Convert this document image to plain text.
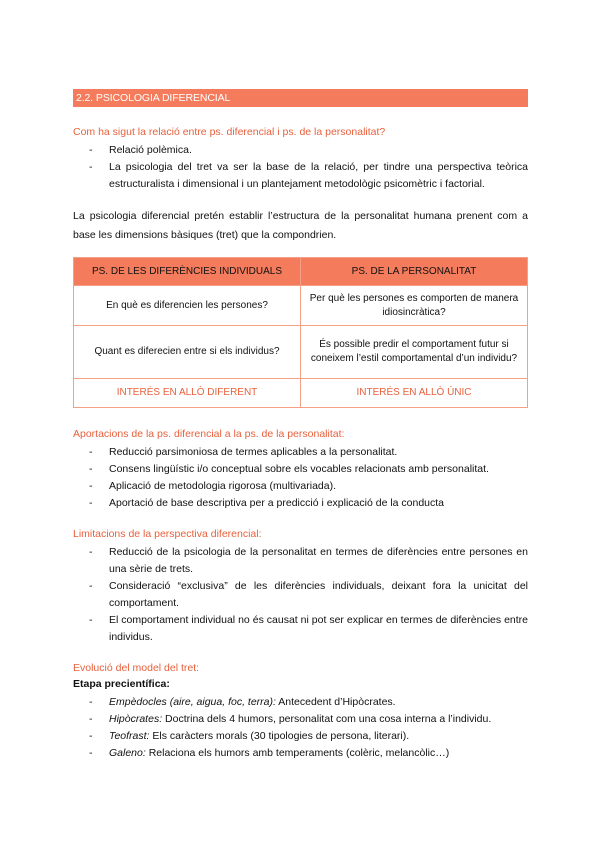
2.2. PSICOLOGIA DIFERENCIAL
Com ha sigut la relació entre ps. diferencial i ps. de la personalitat?
- Relació polèmica.
- La psicologia del tret va ser la base de la relació, per tindre una perspectiva teòrica estructuralista i dimensional i un plantejament metodològic psicomètric i factorial.

La psicologia diferencial pretén establir l’estructura de la personalitat humana prenent com a base les dimensions bàsiques (tret) que la compondrien.

PS. DE LES DIFERÈNCIES INDIVIDUALS	PS. DE LA PERSONALITAT
En què es diferencien les persones?	Per què les persones es comporten de manera idiosincràtica?
Quant es diferecien entre si els individus?	És possible predir el comportament futur si coneixem l’estil comportamental d’un individu?
INTERÉS EN ALLÒ DIFERENT	INTERÉS EN ALLÒ ÚNIC
Aportacions de la ps. diferencial a la ps. de la personalitat:
- Reducció parsimoniosa de termes aplicables a la personalitat.
- Consens lingüístic i/o conceptual sobre els vocables relacionats amb personalitat.
- Aplicació de metodologia rigorosa (multivariada).
- Aportació de base descriptiva per a predicció i explicació de la conducta
Limitacions de la perspectiva diferencial:
- Reducció de la psicologia de la personalitat en termes de diferències entre persones en una sèrie de trets.
- Consideració “exclusiva” de les diferències individuals, deixant fora la unicitat del comportament.
- El comportament individual no és causat ni pot ser explicar en termes de diferències entre individus.
Evolució del model del tret:
Etapa precientífica:
- Empèdocles (aire, aigua, foc, terra): Antecedent d’Hipòcrates.
- Hipòcrates: Doctrina dels 4 humors, personalitat com una cosa interna a l’individu.
- Teofrast: Els caràcters morals (30 tipologies de persona, literari).
- Galeno: Relaciona els humors amb temperaments (colèric, melancòlic…)
